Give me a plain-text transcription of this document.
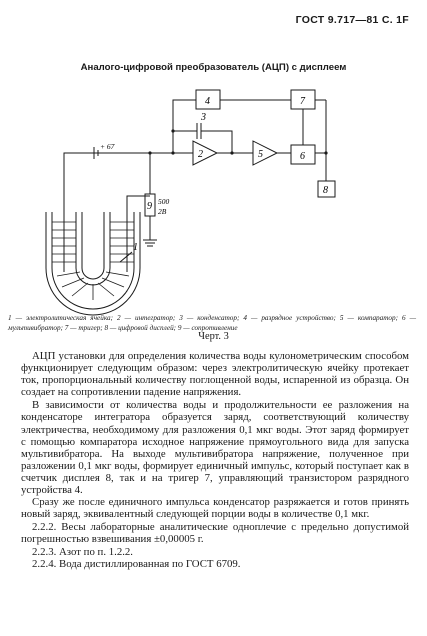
ГОСТ 9.717—81 С. 1F
Аналого-цифровой преобразователь (АЦП) с дисплеем
4	7
6
8
2	5
3
9
1
+ 67
500
2В
1 — электролитическая ячейка; 2 — интегратор; 3 — конденсатор; 4 — разрядное устройство; 5 — компаратор; 6 — мультивибратор; 7 — тригер; 8 — цифровой дисплей; 9 — сопротивление
Черт. 3

АЦП установки для определения количества воды кулонометрическим способом функционирует следующим образом: через электролитическую ячейку протекает ток, пропорциональный количеству поглощенной воды, испаренной из образца. Он создает на сопротивлении падение напряжения.

В зависимости от количества воды и продолжительности ее разложения на конденсаторе интегратора образуется заряд, соответствующий количеству электричества, необходимому для разложения 0,1 мкг воды. Этот заряд формирует с помощью компаратора исходное напряжение прямоугольного вида для запуска мультивибратора. На выходе мультивибратора напряжение, полученное при разложении 0,1 мкг воды, формирует единичный импульс, который поступает как в счетчик дисплея 8, так и на тригер 7, управляющий транзистором разрядного устройства 4.

Сразу же после единичного импульса конденсатор разряжается и готов принять новый заряд, эквивалентный следующей порции воды в количестве 0,1 мкг.

2.2.2. Весы лабораторные аналитические одноплечие с предельно допустимой погрешностью взвешивания ±0,00005 г.

2.2.3. Азот по п. 1.2.2.

2.2.4. Вода дистиллированная по ГОСТ 6709.
